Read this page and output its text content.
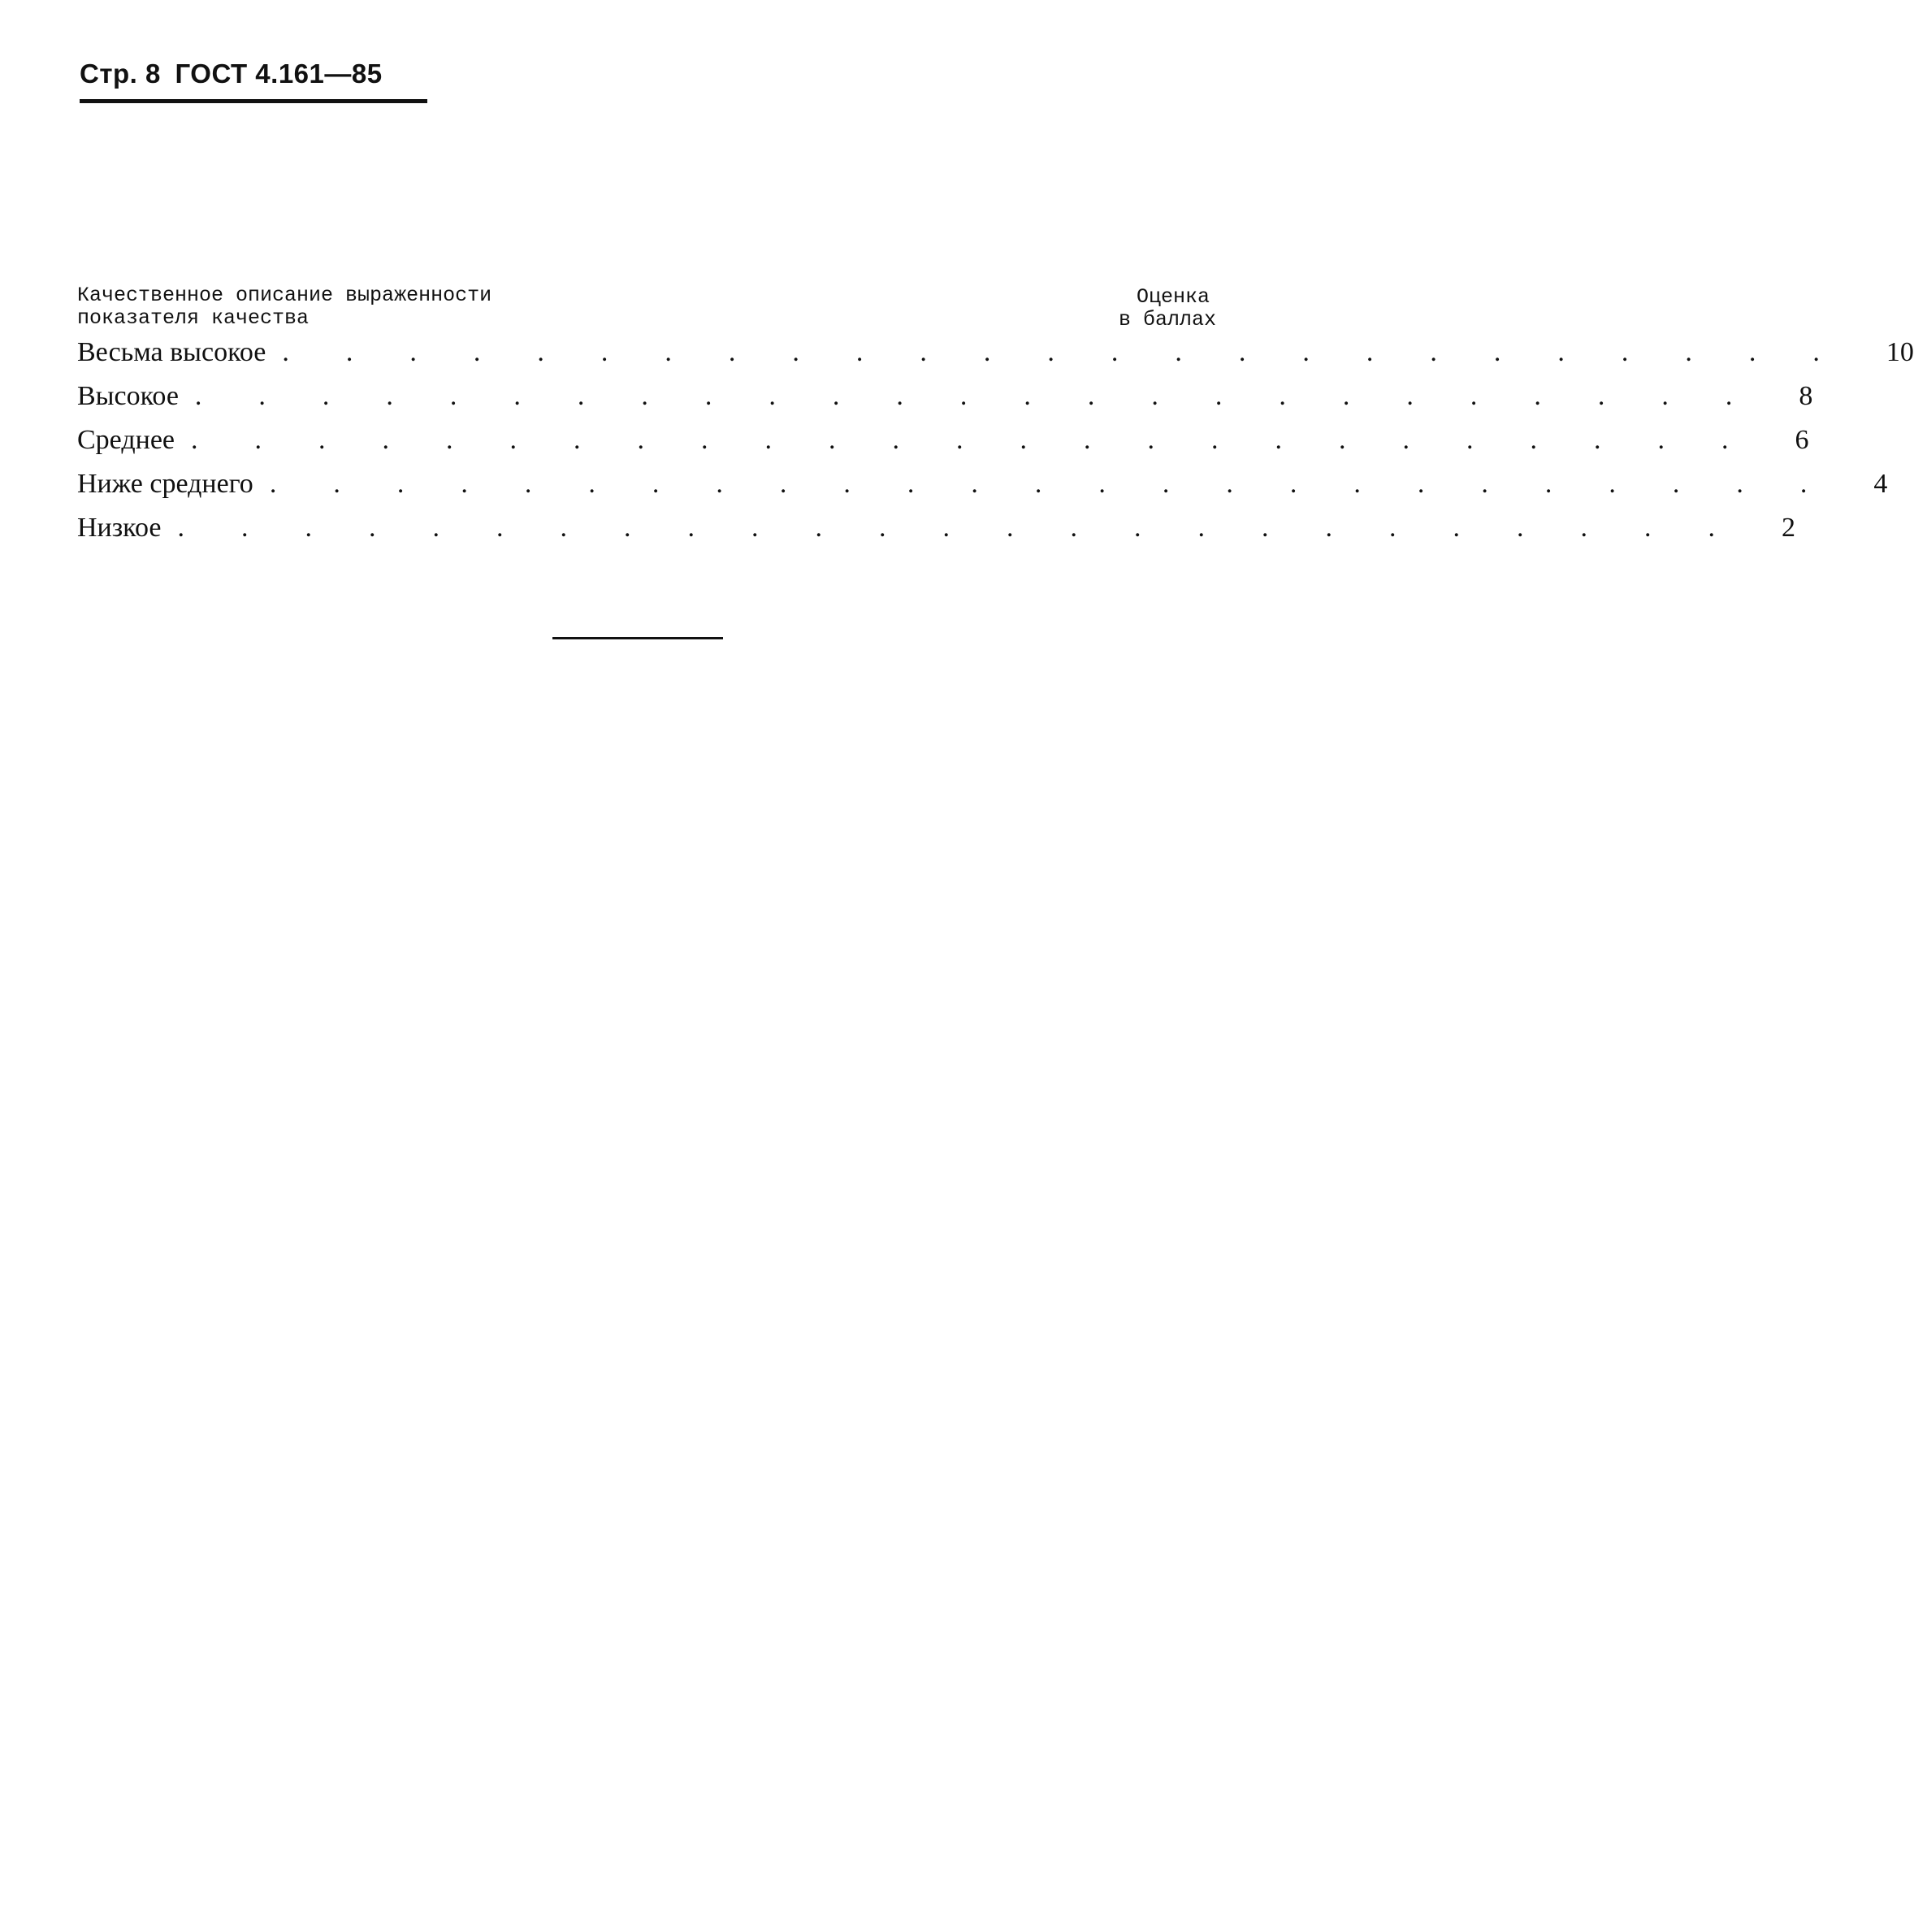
Стр. 8 ГОСТ 4.161—85
Качественное описание выраженности
показателя качества
Оценка
в баллах
Весьма высокое ......................... 10
Высокое ......................... 8
Среднее ......................... 6
Ниже среднего ......................... 4
Низкое ......................... 2
